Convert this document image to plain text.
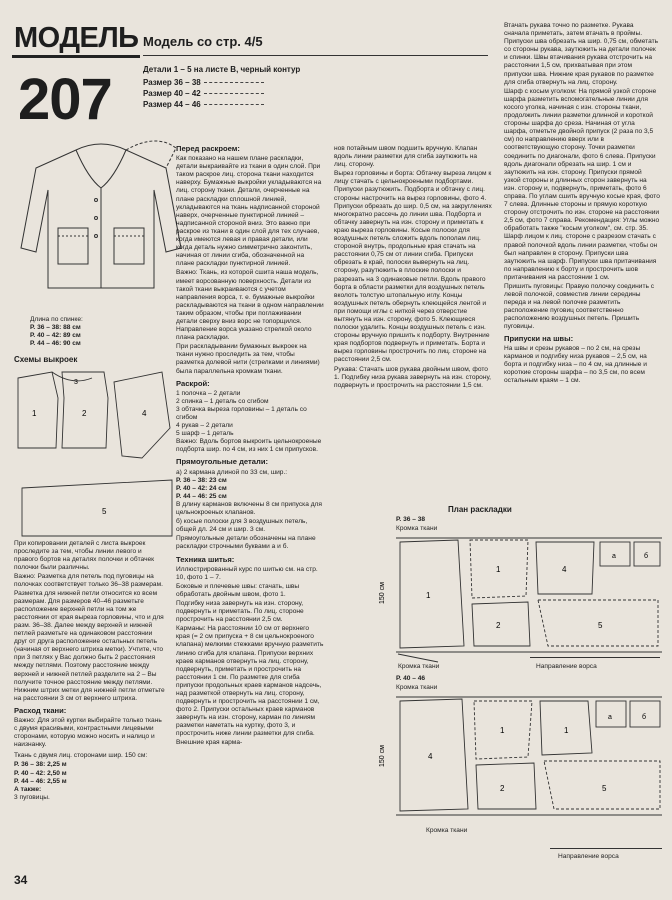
МОДЕЛЬ
207
Модель со стр. 4/5
Детали 1 – 5 на листе В, черный контур
Размер 36 – 38
Размер 40 – 42
Размер 44 – 46
Длина по спинке:
Р. 36 – 38: 88 см
Р. 40 – 42: 89 см
Р. 44 – 46: 90 см
Схемы выкроек
1	2
3
4
5

При копировании деталей с листа выкроек проследите за тем, чтобы линии левого и правого бортов на деталях полочки и обтачек полочки были различны.

Важно: Разметка для петель под пуговицы на полочках соответствует только 36–38 размерам. Разметка для нижней петли относится ко всем размерам. Для размеров 40–46 разметьте расположение верхней петли на том же расстоянии от края выреза горловины, что и для разм. 36–38. Далее между верхней и нижней петлей разметьте на одинаковом расстоянии друг от друга расположение остальных петель (начиная от верхнего штриха метки). Учтите, что при 3 петлях у Вас должно быть 2 расстояния между петлями. Поэтому расстояние между верхней и нижней петлей разделите на 2 – Вы получите точное расстояние между петлями. Нижним штрих метки для нижней петли отметьте на расстоянии 3 см от верхнего штриха.

Расход ткани:

Важно: Для этой куртки выбирайте только ткань с двумя красивыми, контрастными лицевыми сторонами, которую можно носить и налицо и наизнанку.

Ткань с двумя лиц. сторонами шир. 150 см:

Р. 36 – 38: 2,25 м
Р. 40 – 42: 2,50 м
Р. 44 – 46: 2,55 м
А также:
3 пуговицы.
Перед раскроем:

Как показано на нашем плане раскладки, детали выкраивайте из ткани в один слой. При таком раскрое лиц. сторона ткани находится наверху. Бумажные выкройки укладываются на лиц. сторону ткани. Детали, очерченные на плане раскладки сплошной линией, укладываются на ткань надписанной стороной наверх, очерченные пунктирной линией – надписанной стороной вниз. Это важно при раскрое из ткани в один слой для тех случаев, когда имеются левая и правая детали, или когда деталь нужно симметрично законтить, начиная от линии сгиба, обозначенной на плане раскладки пунктирной линией.

Важно: Ткань, из которой сшита наша модель, имеет ворсованную поверхность. Детали из такой ткани выкраиваются с учетом направления ворса, т. е. бумажные выкройки раскладываются на ткани в одном направлении таким образом, чтобы при поглаживании детали сверху вниз ворс не топорщился. Направление ворса указано стрелкой около плана раскладки.

При раскладывании бумажных выкроек на ткани нужно проследить за тем, чтобы разметка долевой нити (стрелками и линиями) была параллельна кромкам ткани.

Раскрой:
1 полочка – 2 детали
2 спинка – 1 деталь со сгибом
3 обтачка выреза горловины – 1 деталь со сгибом
4 рукав – 2 детали
5 шарф – 1 деталь

Важно: Вдоль бортов выкроить цельнокроеные подбортa шир. по 4 см, из них 1 см припусков.

Прямоугольные детали:
а) 2 кармана длиной по 33 см, шир.:
Р. 36 – 38: 23 см
Р. 40 – 42: 24 см
Р. 44 – 46: 25 см

В длину карманов включены 8 см припуска для цельнокроеных клапанов.

б) косые полоски для 3 воздушных петель, общей дл. 24 см и шир. 3 см.

Прямоугольные детали обозначены на плане раскладки строчными буквами а и б.

Техника шитья:

Иллюстрированный курс по шитью см. на стр. 10, фото 1 – 7.

Боковые и плечевые швы: стачать, швы обработать двойным швом, фото 1.

Подгибку низа завернуть на изн. сторону, подвернуть и приметать. По лиц. стороне прострочить на расстоянии 2,5 см.

Карманы: На расстоянии 10 см от верхнего края (= 2 см припуска + 8 см цельнокроеного клапана) мелкими стежками вручную разметить линию сгиба для клапана. Припуски верхних краев карманов отвернуть на лиц. сторону, подвернуть, приметать и прострочить на расстоянии 1 см. По разметке для сгиба припуски продольных краев карманов надсечь, над разметкой отвернуть на лиц. сторону, подвернуть и прострочить на расстоянии 1 см, фото 2. Припуски остальных краев карманов завернуть на изн. сторону, карман по линиям разметки наметать на куртку, фото 3, и прострочить ниже линии разметки для сгиба. Внешние края карма-

нов потайным швом подшить вручную. Клапан вдоль линии разметки для сгиба заутюжить на лиц. сторону.

Вырез горловины и борта: Обтачку выреза лицом к лицу стачать с цельнокроеными подбортами. Припуски разутюжить. Подборта и обтачку с лиц. стороны настрочить на вырез горловины, фото 4. Припуски обрезать до шир. 0,5 см, на закруглениях многократно рассечь до линии шва. Подборта и обтачку завернуть на изн. сторону и приметать к краю выреза горловины. Косые полоски для воздушных петель сложить вдоль пополам лиц. стороной внутрь, продольные края стачать на расстоянии 0,75 см от линии сгиба. Припуски обрезать в край, полоски вывернуть на лиц. сторону, разутюжить в плоские полоски и разрезать на 3 одинаковые петли. Вдоль правого борта в области разметки для воздушных петель вколоть толстую штопальную иглу. Концы воздушных петель обернуть клеющейся лентой и при помощи иглы с ниткой через отверстие вытянуть на изн. сторону, фото 5. Клеющиеся полоски удалить. Концы воздушных петель с изн. стороны вручную пришить к подборту. Внутренние края подбортов подвернуть и приметать. Борта и вырез горловины прострочить по лиц. стороне на расстоянии 2,5 см.

Рукава: Стачать шов рукава двойным швом, фото 1. Подгибку низа рукава завернуть на изн. сторону, подвернуть и прострочить на расстоянии 1,5 см.

Втачать рукава точно по разметке. Рукава сначала приметать, затем втачать в проймы. Припуски шва обрезать на шир. 0,75 см, обметать со стороны рукава, заутюжить на детали полочек и спинки. Швы втачивания рукава отстрочить на расстоянии 1,5 см, прихватывая при этом припуски шва. Нижние края рукавов по разметке для сгиба отвернуть на лиц. сторону.

Шарф с косым уголком: На прямой узкой стороне шарфа разметить вспомогательные линии для косого уголка, начиная с изн. стороны ткани, продолжить линии разметки длинной и короткой стороны шарфа до среза. Начиная от угла шарфа, отметьте двойной припуск (2 раза по 3,5 см) по направлению вверх или в соответствующую сторону. Точки разметки соединить по диагонали, фото 6 слева. Припуски вдоль диагонали обрезать на шир. 1 см и заутюжить на изн. сторону. Припуски прямой узкой стороны и длинных сторон завернуть на изн. сторону и, подвернуть, приметать, фото 6 справа. По углам сшить вручную косые края, фото 7 слева. Длинные стороны и прямую короткую сторону отстрочить по изн. стороне на расстоянии 2,5 см, фото 7 справа. Рекомендация: Углы можно обработать также "косым уголком", см. стр. 35. Шарф лицом к лиц. стороне с разрезом стачать с правой полочкой вдоль линии разметки, чтобы он был направлен в сторону. Припуски шва заутюжить на шарф. Припуски шва притачивания по направлению к борту и прострочить шов притачивания на расстоянии 1 см.

Пришить пуговицы: Правую полочку соединить с левой полочкой, совместив линии середины переда и на левой полочке разметить расположение пуговиц соответственно расположению воздушных петель. Пришить пуговицы.

Припуски на швы:

На швы и срезы рукавов – по 2 см, на срезы карманов и подгибку низа рукавов – 2,5 см, на борта и подгибку низа – по 4 см, на длинные и короткие стороны шарфа – по 3,5 см, по всем остальным краям – 1 см.

План раскладки
Р. 36 – 38
Кромка ткани
150 см	1
1
2
4
а	б
5
Кромка ткани	Направление ворса
Р. 40 – 46
Кромка ткани
150 см	4
1
2
1
а	б
5
Кромка ткани
Направление ворса
34
